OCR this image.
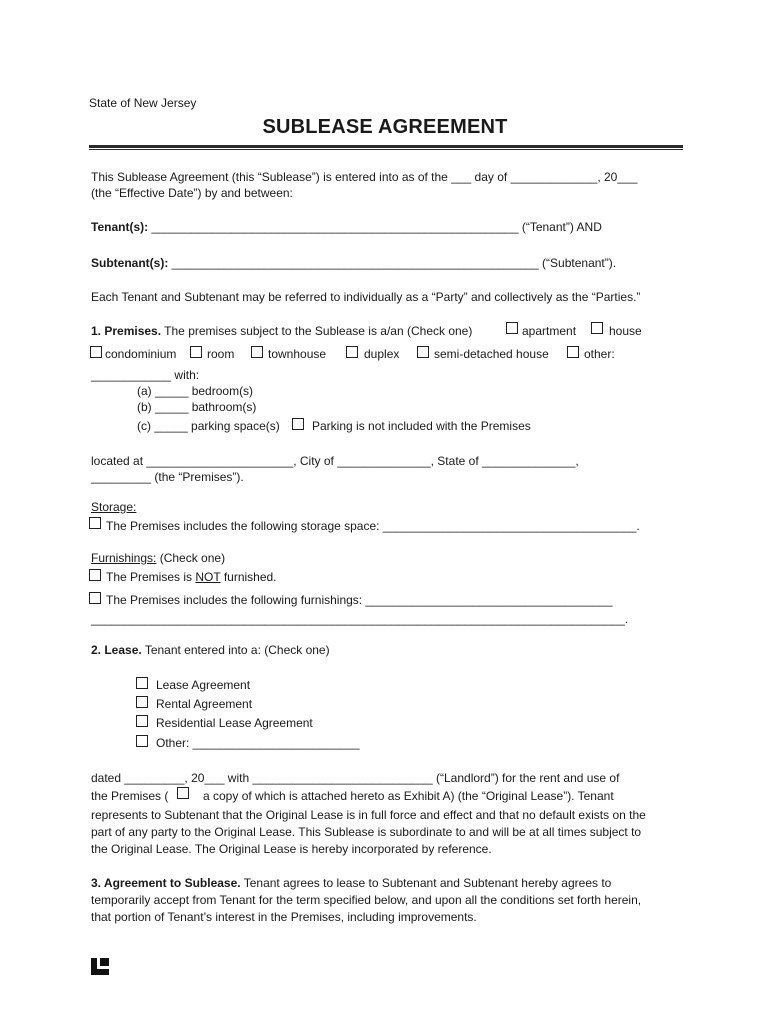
State of New Jersey
SUBLEASE AGREEMENT
This Sublease Agreement (this “Sublease”) is entered into as of the ___ day of _____________, 20___
(the “Effective Date”) by and between:
Tenant(s): _______________________________________________________ (“Tenant”) AND
Subtenant(s): _______________________________________________________ (“Subtenant”).
Each Tenant and Subtenant may be referred to individually as a “Party” and collectively as the “Parties.”
1. Premises. The premises subject to the Sublease is a/an (Check one)	apartment	house
condominium	room	townhouse	duplex	semi-detached house	other:
____________ with:
(a) _____ bedroom(s)
(b) _____ bathroom(s)
(c) _____ parking space(s)	Parking is not included with the Premises
located at ______________________, City of ______________, State of ______________,
_________ (the “Premises”).
Storage:
The Premises includes the following storage space: ______________________________________.
Furnishings: (Check one)
The Premises is NOT furnished.
The Premises includes the following furnishings: _____________________________________
________________________________________________________________________________.
2. Lease. Tenant entered into a: (Check one)
Lease Agreement
Rental Agreement
Residential Lease Agreement
Other: _________________________
dated _________, 20___ with ___________________________ (“Landlord”) for the rent and use of
the Premises (	a copy of which is attached hereto as Exhibit A) (the “Original Lease”). Tenant
represents to Subtenant that the Original Lease is in full force and effect and that no default exists on the
part of any party to the Original Lease. This Sublease is subordinate to and will be at all times subject to
the Original Lease. The Original Lease is hereby incorporated by reference.
3. Agreement to Sublease. Tenant agrees to lease to Subtenant and Subtenant hereby agrees to
temporarily accept from Tenant for the term specified below, and upon all the conditions set forth herein,
that portion of Tenant’s interest in the Premises, including improvements.
